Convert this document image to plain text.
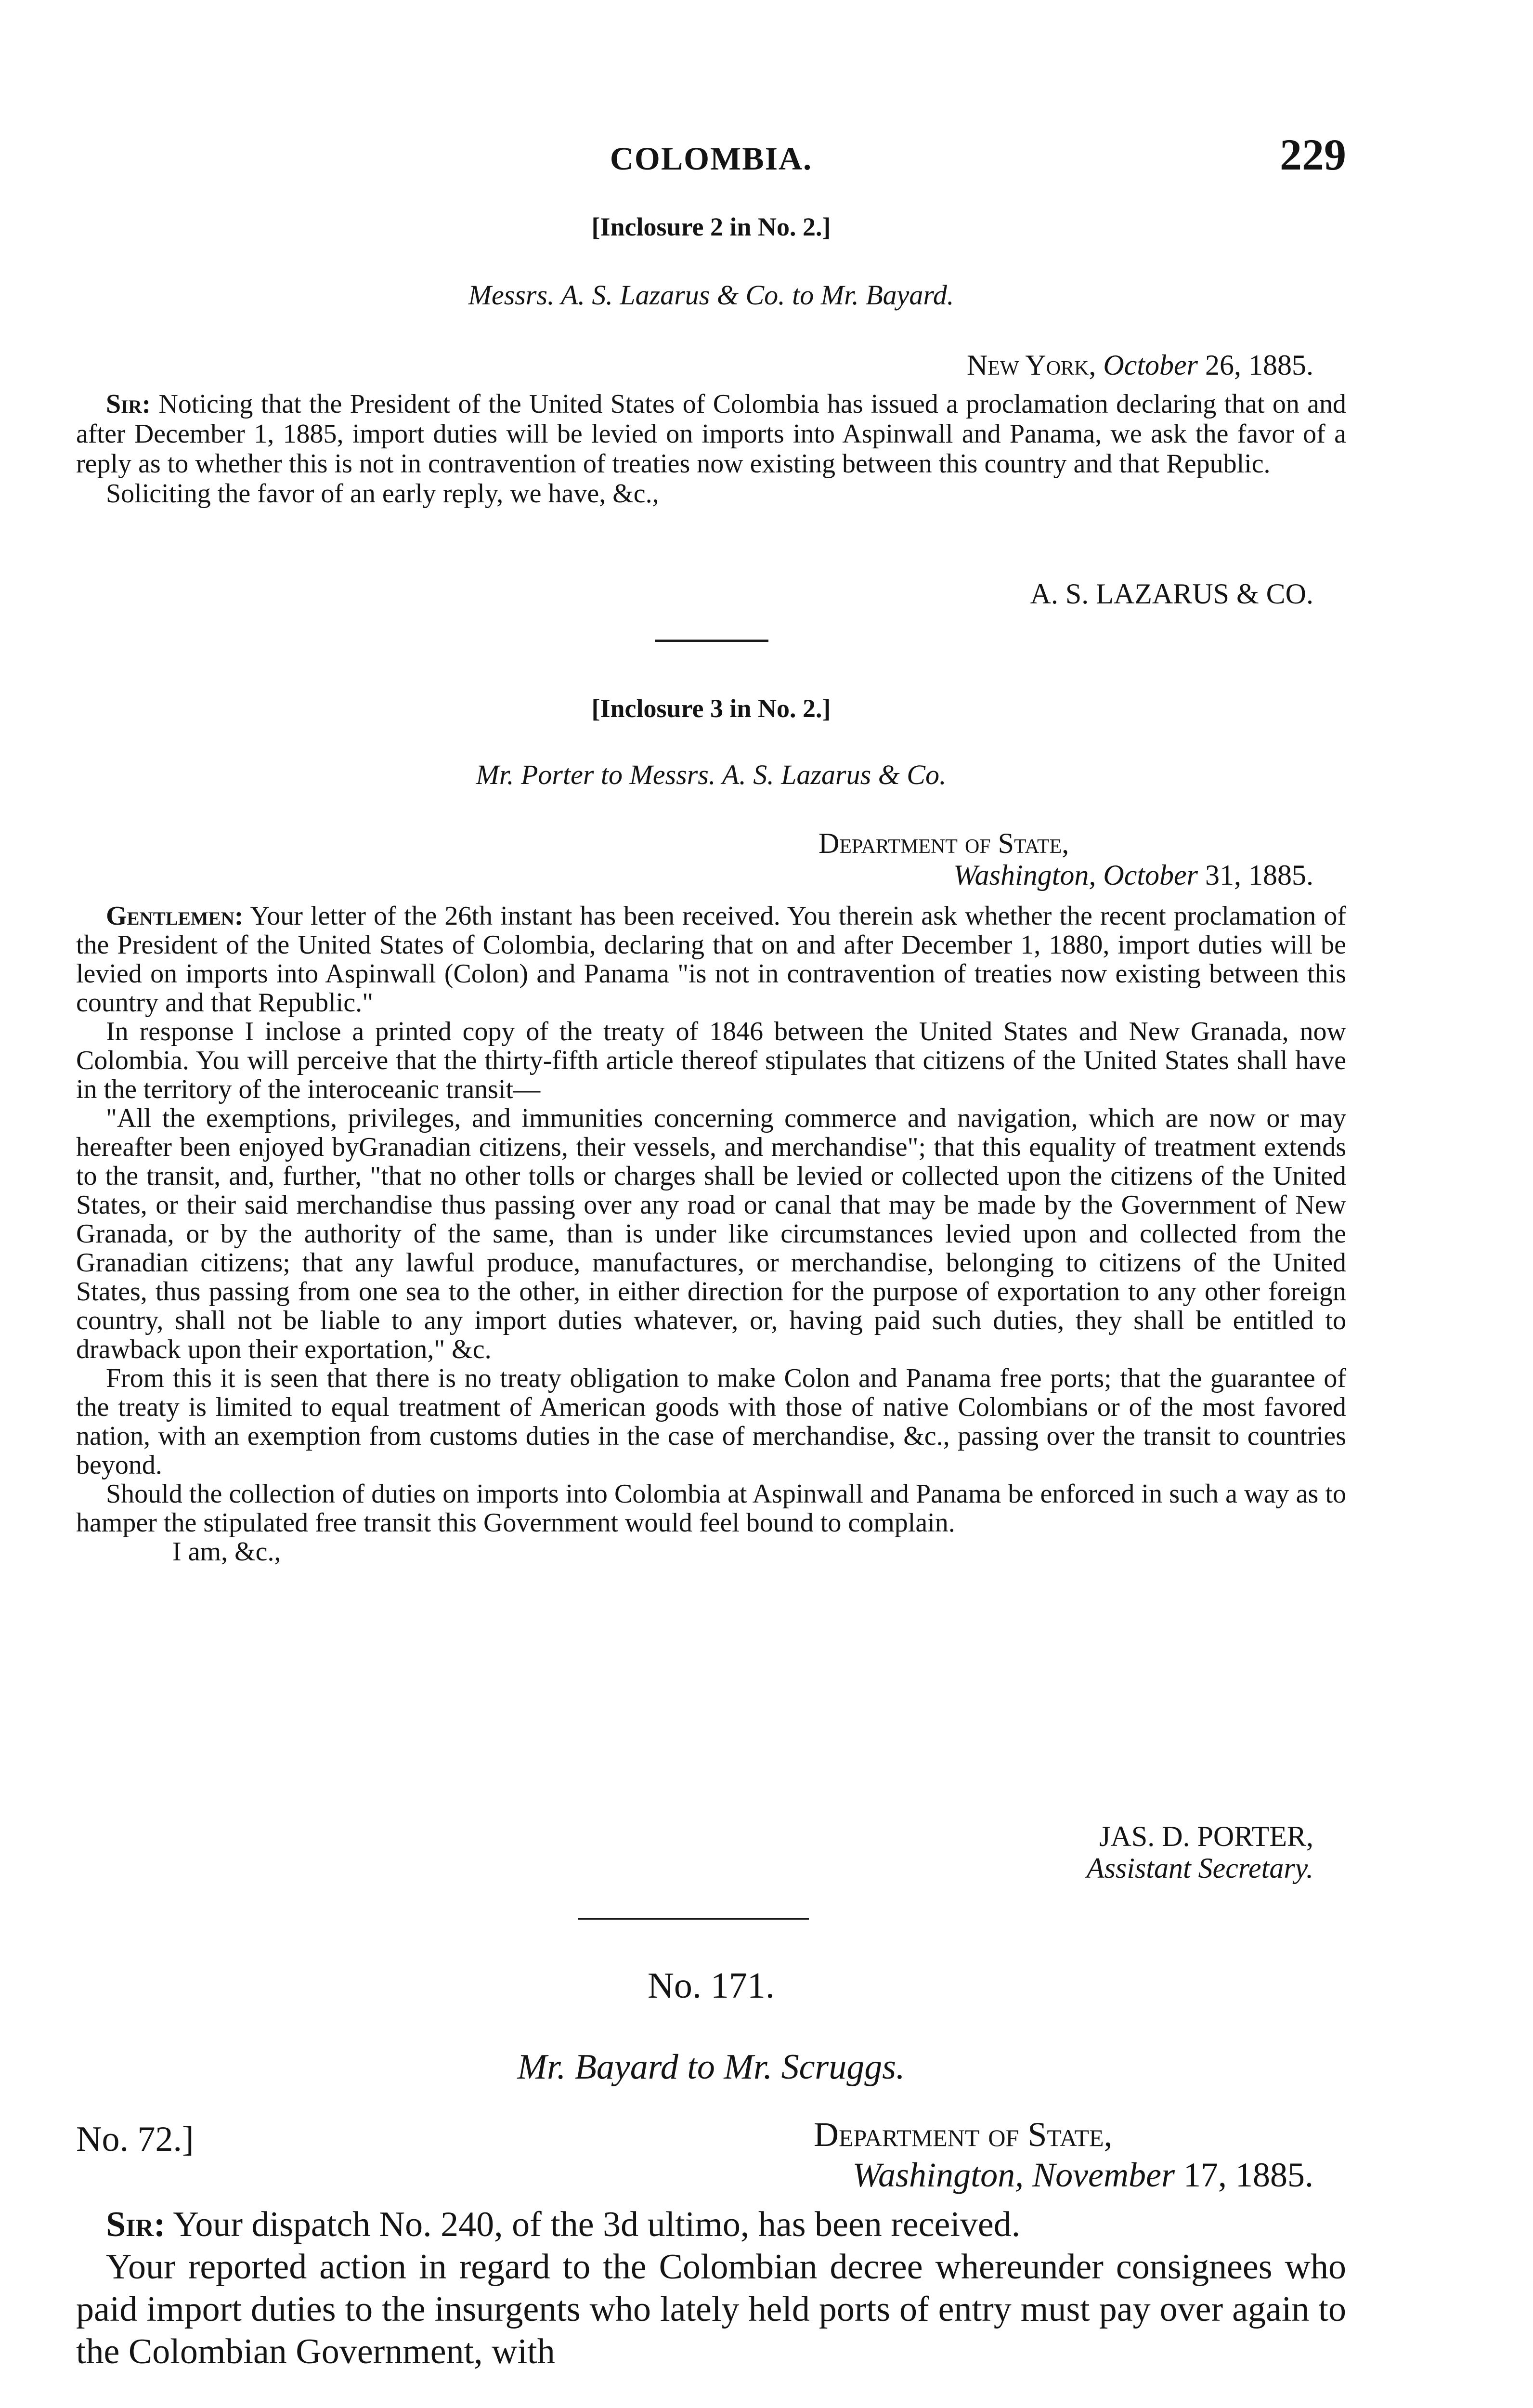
COLOMBIA.	229
[Inclosure 2 in No. 2.]
Messrs. A. S. Lazarus & Co. to Mr. Bayard.
New York, October 26, 1885.

Sir: Noticing that the President of the United States of Colombia has issued a proclamation declaring that on and after December 1, 1885, import duties will be levied on imports into Aspinwall and Panama, we ask the favor of a reply as to whether this is not in contravention of treaties now existing between this country and that Republic.

Soliciting the favor of an early reply, we have, &c.,

A. S. LAZARUS & CO.
[Inclosure 3 in No. 2.]
Mr. Porter to Messrs. A. S. Lazarus & Co.
Department of State,
Washington, October 31, 1885.

Gentlemen: Your letter of the 26th instant has been received. You therein ask whether the recent proclamation of the President of the United States of Colombia, declaring that on and after December 1, 1880, import duties will be levied on imports into Aspinwall (Colon) and Panama "is not in contravention of treaties now existing between this country and that Republic."

In response I inclose a printed copy of the treaty of 1846 between the United States and New Granada, now Colombia. You will perceive that the thirty-fifth article thereof stipulates that citizens of the United States shall have in the territory of the interoceanic transit—

"All the exemptions, privileges, and immunities concerning commerce and navigation, which are now or may hereafter been enjoyed byGranadian citizens, their vessels, and merchandise"; that this equality of treatment extends to the transit, and, further, "that no other tolls or charges shall be levied or collected upon the citizens of the United States, or their said merchandise thus passing over any road or canal that may be made by the Government of New Granada, or by the authority of the same, than is under like circumstances levied upon and collected from the Granadian citizens; that any lawful produce, manufactures, or merchandise, belonging to citizens of the United States, thus passing from one sea to the other, in either direction for the purpose of exportation to any other foreign country, shall not be liable to any import duties whatever, or, having paid such duties, they shall be entitled to drawback upon their exportation," &c.

From this it is seen that there is no treaty obligation to make Colon and Panama free ports; that the guarantee of the treaty is limited to equal treatment of American goods with those of native Colombians or of the most favored nation, with an exemption from customs duties in the case of merchandise, &c., passing over the transit to countries beyond.

Should the collection of duties on imports into Colombia at Aspinwall and Panama be enforced in such a way as to hamper the stipulated free transit this Government would feel bound to complain.

I am, &c.,

JAS. D. PORTER,
Assistant Secretary.
No. 171.
Mr. Bayard to Mr. Scruggs.
No. 72.]	Department of State,
Washington, November 17, 1885.

Sir: Your dispatch No. 240, of the 3d ultimo, has been received.

Your reported action in regard to the Colombian decree whereunder consignees who paid import duties to the insurgents who lately held ports of entry must pay over again to the Colombian Government, with
